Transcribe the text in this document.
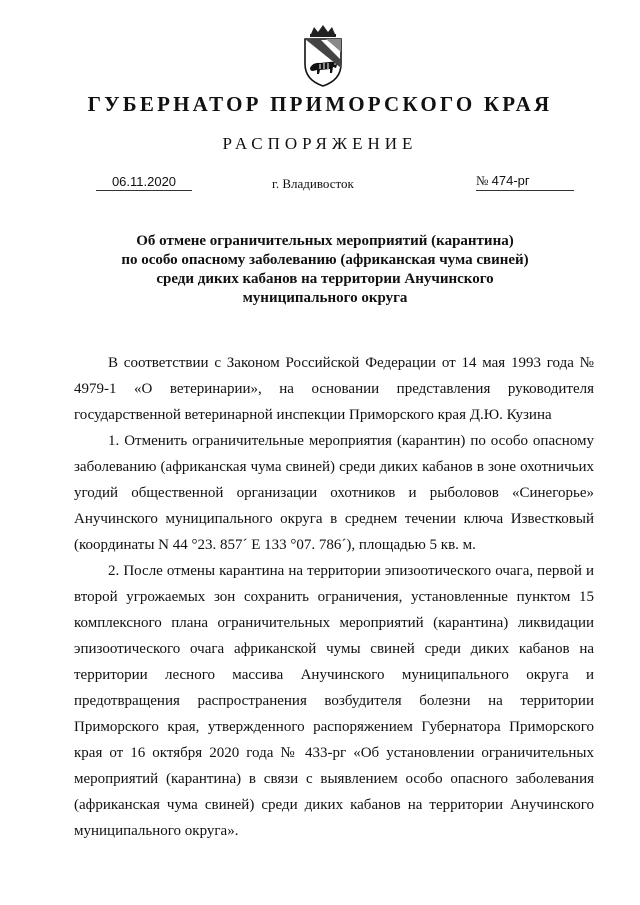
ГУБЕРНАТОР ПРИМОРСКОГО КРАЯ
РАСПОРЯЖЕНИЕ
06.11.2020	г. Владивосток	№ 474-рг
Об отмене ограничительных мероприятий (карантина)
по особо опасному заболеванию (африканская чума свиней)
среди диких кабанов на территории Анучинского
муниципального округа

В соответствии с Законом Российской Федерации от 14 мая 1993 года № 4979-1 «О ветеринарии», на основании представления руководителя государственной ветеринарной инспекции Приморского края Д.Ю. Кузина

1. Отменить ограничительные мероприятия (карантин) по особо опасному заболеванию (африканская чума свиней) среди диких кабанов в зоне охотничьих угодий общественной организации охотников и рыболовов «Синегорье» Анучинского муниципального округа в среднем течении ключа Известковый (координаты N 44 °23. 857´ E 133 °07. 786´), площадью 5 кв. м.

2. После отмены карантина на территории эпизоотического очага, первой и второй угрожаемых зон сохранить ограничения, установленные пунктом 15 комплексного плана ограничительных мероприятий (карантина) ликвидации эпизоотического очага африканской чумы свиней среди диких кабанов на территории лесного массива Анучинского муниципального округа и предотвращения распространения возбудителя болезни на территории Приморского края, утвержденного распоряжением Губернатора Приморского края от 16 октября 2020 года № 433-рг «Об установлении ограничительных мероприятий (карантина) в связи с выявлением особо опасного заболевания (африканская чума свиней) среди диких кабанов на территории Анучинского муниципального округа».
